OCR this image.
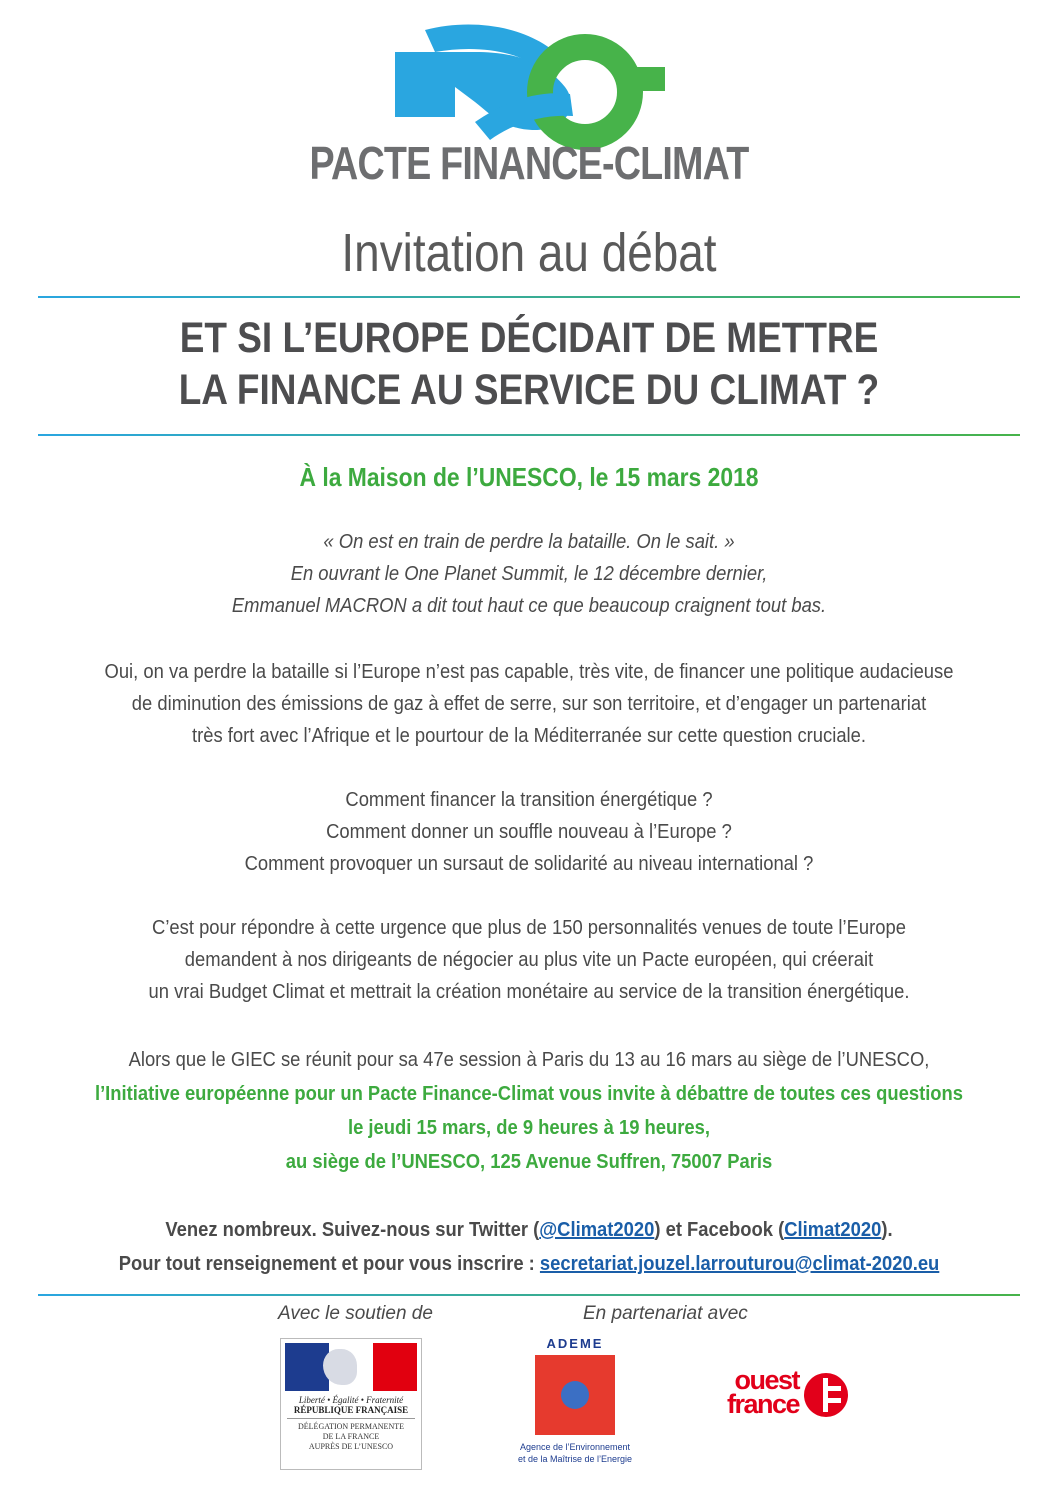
PACTE FINANCE-CLIMAT
Invitation au débat
ET SI L’EUROPE DÉCIDAIT DE METTRE
LA FINANCE AU SERVICE DU CLIMAT ?
À la Maison de l’UNESCO, le 15 mars 2018
« On est en train de perdre la bataille. On le sait. »
En ouvrant le One Planet Summit, le 12 décembre dernier,
Emmanuel MACRON a dit tout haut ce que beaucoup craignent tout bas.
Oui, on va perdre la bataille si l’Europe n’est pas capable, très vite, de financer une politique audacieuse
de diminution des émissions de gaz à effet de serre, sur son territoire, et d’engager un partenariat
très fort avec l’Afrique et le pourtour de la Méditerranée sur cette question cruciale.
Comment financer la transition énergétique ?
Comment donner un souffle nouveau à l’Europe ?
Comment provoquer un sursaut de solidarité au niveau international ?
C’est pour répondre à cette urgence que plus de 150 personnalités venues de toute l’Europe
demandent à nos dirigeants de négocier au plus vite un Pacte européen, qui créerait
un vrai Budget Climat et mettrait la création monétaire au service de la transition énergétique.
Alors que le GIEC se réunit pour sa 47e session à Paris du 13 au 16 mars au siège de l’UNESCO,
l’Initiative européenne pour un Pacte Finance-Climat vous invite à débattre de toutes ces questions
le jeudi 15 mars, de 9 heures à 19 heures,
au siège de l’UNESCO, 125 Avenue Suffren, 75007 Paris
Venez nombreux. Suivez-nous sur Twitter (@Climat2020) et Facebook (Climat2020).
Pour tout renseignement et pour vous inscrire : secretariat.jouzel.larrouturou@climat-2020.eu
Avec le soutien de	En partenariat avec
Liberté • Égalité • Fraternité
RÉPUBLIQUE FRANÇAISE
DÉLÉGATION PERMANENTE
DE LA FRANCE
AUPRÈS DE L’UNESCO
ADEME
Agence de l’Environnement
et de la Maîtrise de l’Energie
ouest
france
